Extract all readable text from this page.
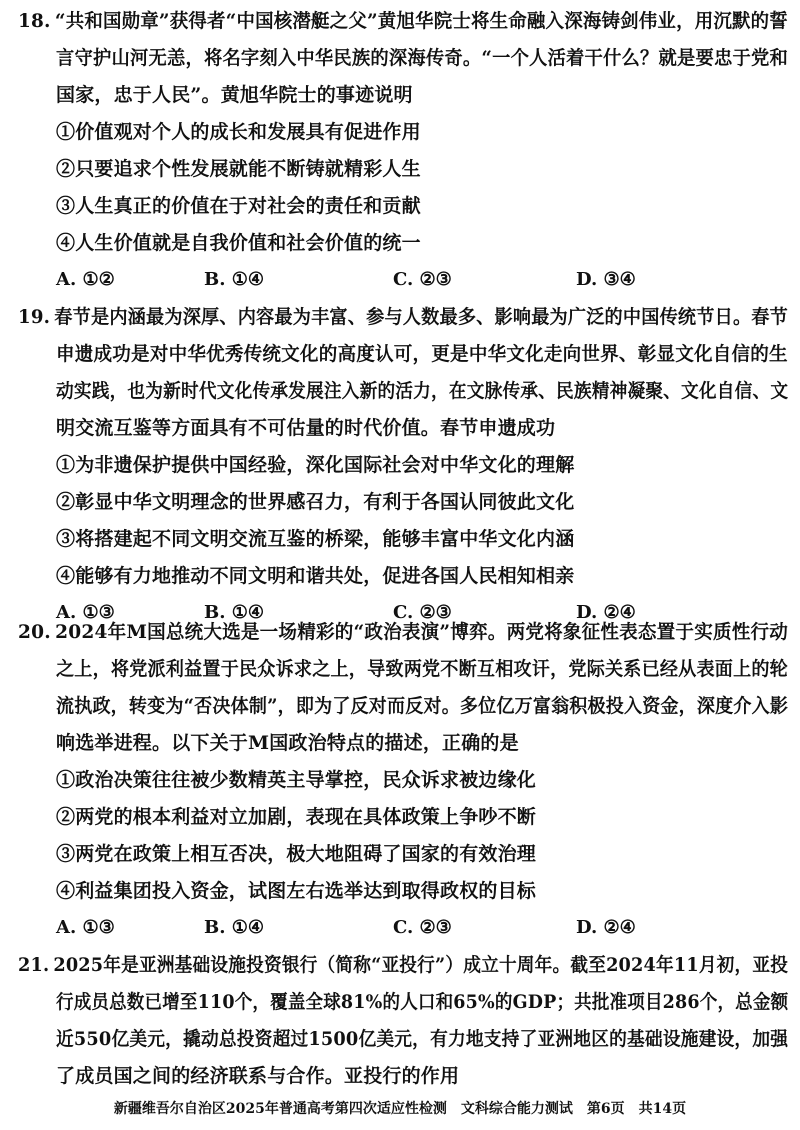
18. “共和国勋章”获得者“中国核潜艇之父”黄旭华院士将生命融入深海铸剑伟业，用沉默的誓
言守护山河无恙，将名字刻入中华民族的深海传奇。“一个人活着干什么？就是要忠于党和
国家，忠于人民”。黄旭华院士的事迹说明
①价值观对个人的成长和发展具有促进作用
②只要追求个性发展就能不断铸就精彩人生
③人生真正的价值在于对社会的责任和贡献
④人生价值就是自我价值和社会价值的统一
A. ①②	B. ①④	C. ②③	D. ③④
19. 春节是内涵最为深厚、内容最为丰富、参与人数最多、影响最为广泛的中国传统节日。春节
申遗成功是对中华优秀传统文化的高度认可，更是中华文化走向世界、彰显文化自信的生
动实践，也为新时代文化传承发展注入新的活力，在文脉传承、民族精神凝聚、文化自信、文
明交流互鉴等方面具有不可估量的时代价值。春节申遗成功
①为非遗保护提供中国经验，深化国际社会对中华文化的理解
②彰显中华文明理念的世界感召力，有利于各国认同彼此文化
③将搭建起不同文明交流互鉴的桥梁，能够丰富中华文化内涵
④能够有力地推动不同文明和谐共处，促进各国人民相知相亲
A. ①③	B. ①④	C. ②③	D. ②④
20. 2024年M国总统大选是一场精彩的“政治表演”博弈。两党将象征性表态置于实质性行动
之上，将党派利益置于民众诉求之上，导致两党不断互相攻讦，党际关系已经从表面上的轮
流执政，转变为“否决体制”，即为了反对而反对。多位亿万富翁积极投入资金，深度介入影
响选举进程。以下关于M国政治特点的描述，正确的是
①政治决策往往被少数精英主导掌控，民众诉求被边缘化
②两党的根本利益对立加剧，表现在具体政策上争吵不断
③两党在政策上相互否决，极大地阻碍了国家的有效治理
④利益集团投入资金，试图左右选举达到取得政权的目标
A. ①③	B. ①④	C. ②③	D. ②④
21. 2025年是亚洲基础设施投资银行（简称“亚投行”）成立十周年。截至2024年11月初，亚投
行成员总数已增至110个，覆盖全球81%的人口和65%的GDP；共批准项目286个，总金额
近550亿美元，撬动总投资超过1500亿美元，有力地支持了亚洲地区的基础设施建设，加强
了成员国之间的经济联系与合作。亚投行的作用
新疆维吾尔自治区2025年普通高考第四次适应性检测　文科综合能力测试　第6页　共14页
